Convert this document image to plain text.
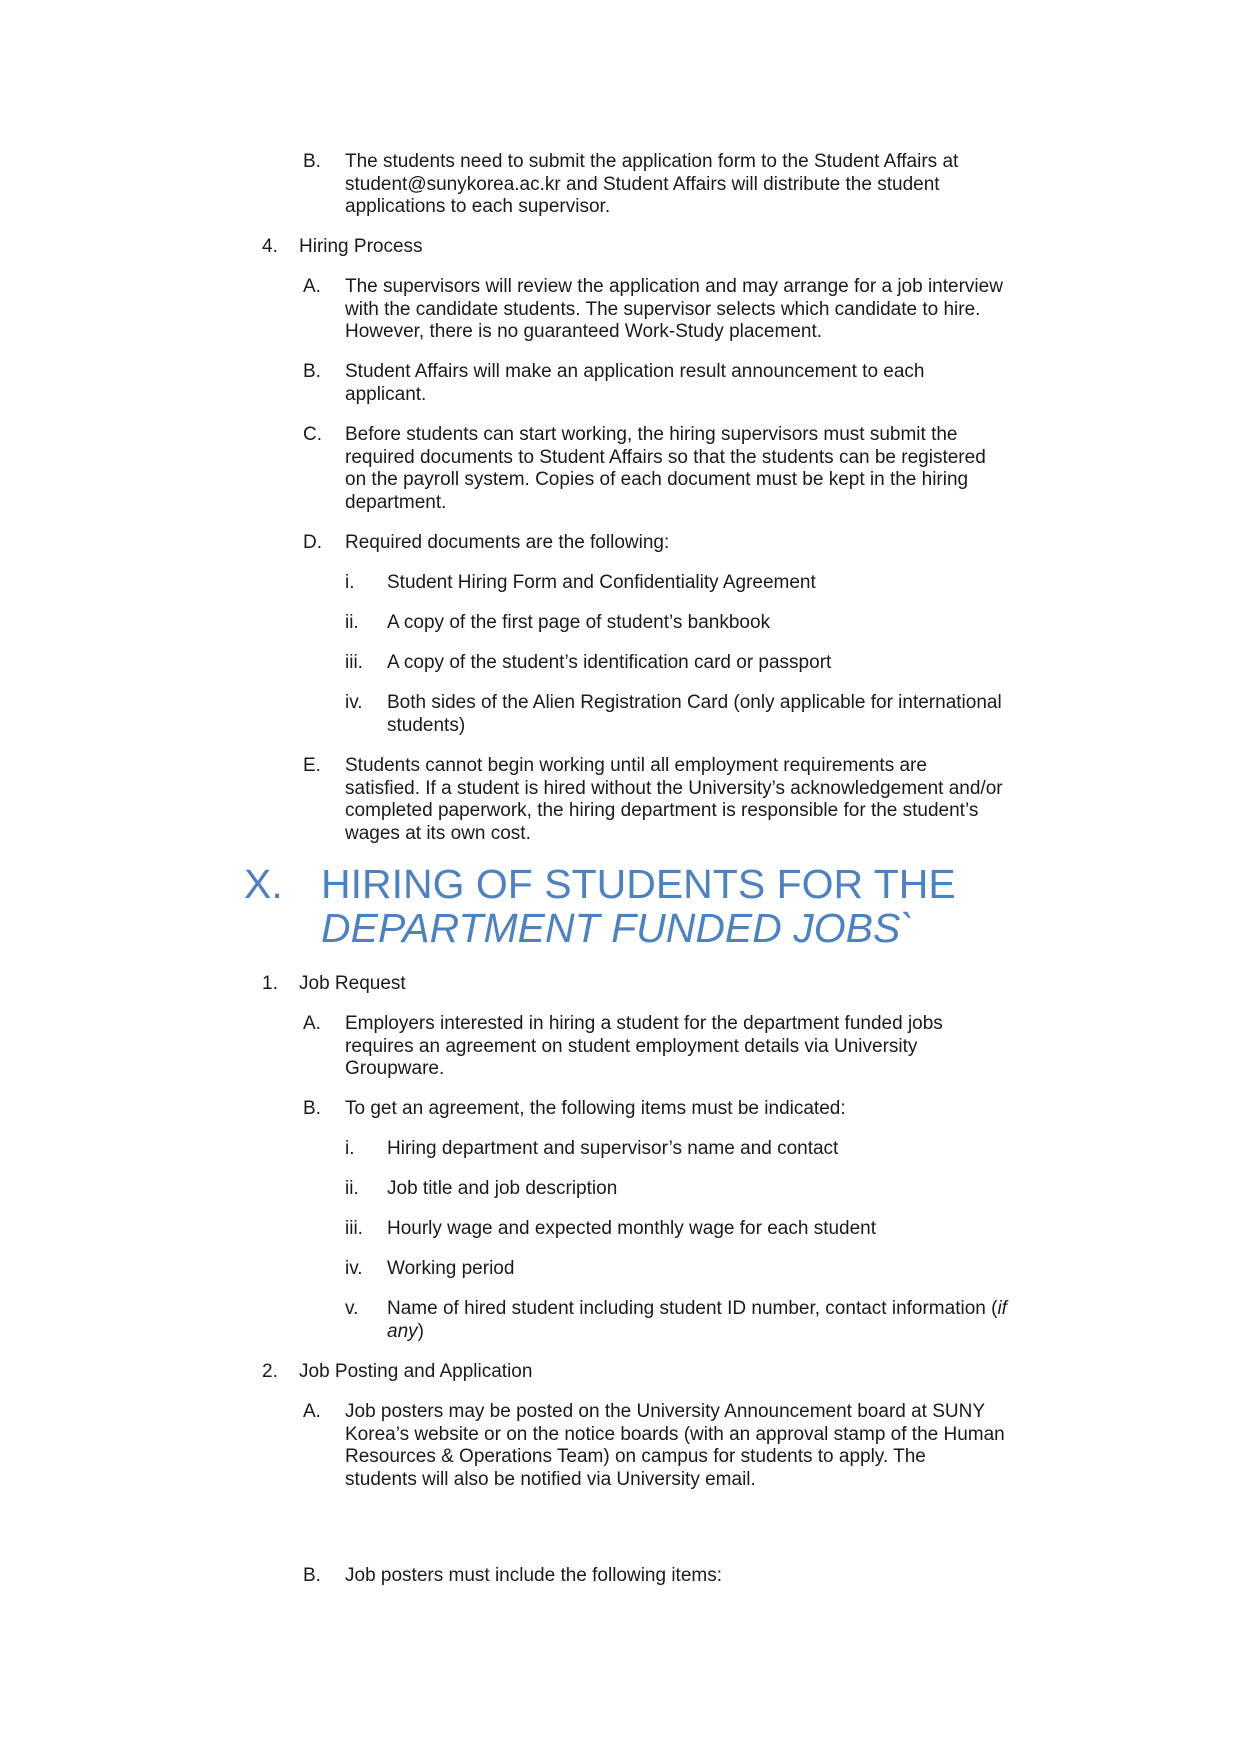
B. The students need to submit the application form to the Student Affairs at
student@sunykorea.ac.kr and Student Affairs will distribute the student
applications to each supervisor.
4. Hiring Process
A. The supervisors will review the application and may arrange for a job interview
with the candidate students. The supervisor selects which candidate to hire.
However, there is no guaranteed Work-Study placement.
B. Student Affairs will make an application result announcement to each
applicant.
C. Before students can start working, the hiring supervisors must submit the
required documents to Student Affairs so that the students can be registered
on the payroll system. Copies of each document must be kept in the hiring
department.
D. Required documents are the following:
i. Student Hiring Form and Confidentiality Agreement
ii. A copy of the first page of student’s bankbook
iii. A copy of the student’s identification card or passport
iv. Both sides of the Alien Registration Card (only applicable for international
students)
E. Students cannot begin working until all employment requirements are
satisfied. If a student is hired without the University’s acknowledgement and/or
completed paperwork, the hiring department is responsible for the student’s
wages at its own cost.
X. HIRING OF STUDENTS FOR THE
DEPARTMENT FUNDED JOBS`
1. Job Request
A. Employers interested in hiring a student for the department funded jobs
requires an agreement on student employment details via University
Groupware.
B. To get an agreement, the following items must be indicated:
i. Hiring department and supervisor’s name and contact
ii. Job title and job description
iii. Hourly wage and expected monthly wage for each student
iv. Working period
v. Name of hired student including student ID number, contact information (if
any)
2. Job Posting and Application
A. Job posters may be posted on the University Announcement board at SUNY
Korea’s website or on the notice boards (with an approval stamp of the Human
Resources & Operations Team) on campus for students to apply. The
students will also be notified via University email.
B. Job posters must include the following items:
